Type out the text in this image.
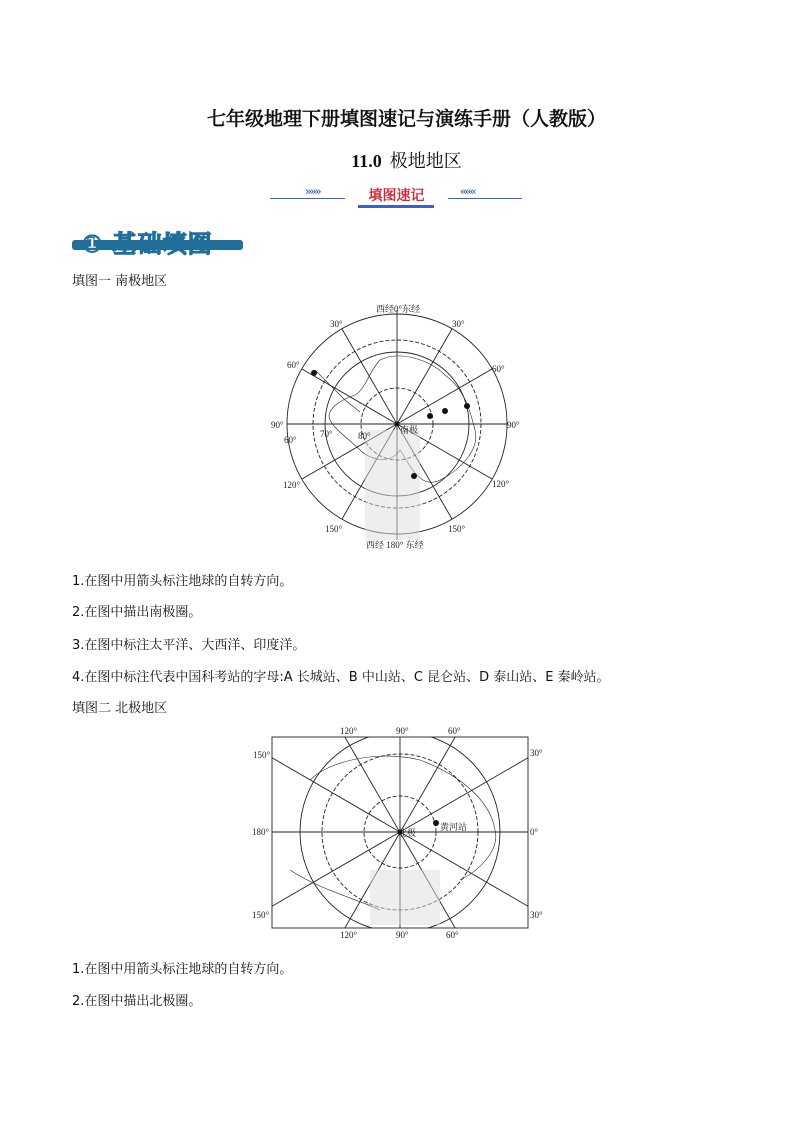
七年级地理下册填图速记与演练手册（人教版）
11.0 极地地区
»»»	«««
填图速记
① 基础填图
填图一 南极地区
西经0°东经
西经 180° 东经
90°	90°
30°	30°
60°	60°
120°	120°
150°	150°
60°
70°	80°
南极
1.在图中用箭头标注地球的自转方向。
2.在图中描出南极圈。
3.在图中标注太平洋、大西洋、印度洋。
4.在图中标注代表中国科考站的字母:A 长城站、B 中山站、C 昆仑站、D 泰山站、E 秦岭站。
填图二 北极地区
120°	90°	60°
120°	90°	60°
150°
180°
150°
30°
0°
30°
北极
黄河站
1.在图中用箭头标注地球的自转方向。
2.在图中描出北极圈。
